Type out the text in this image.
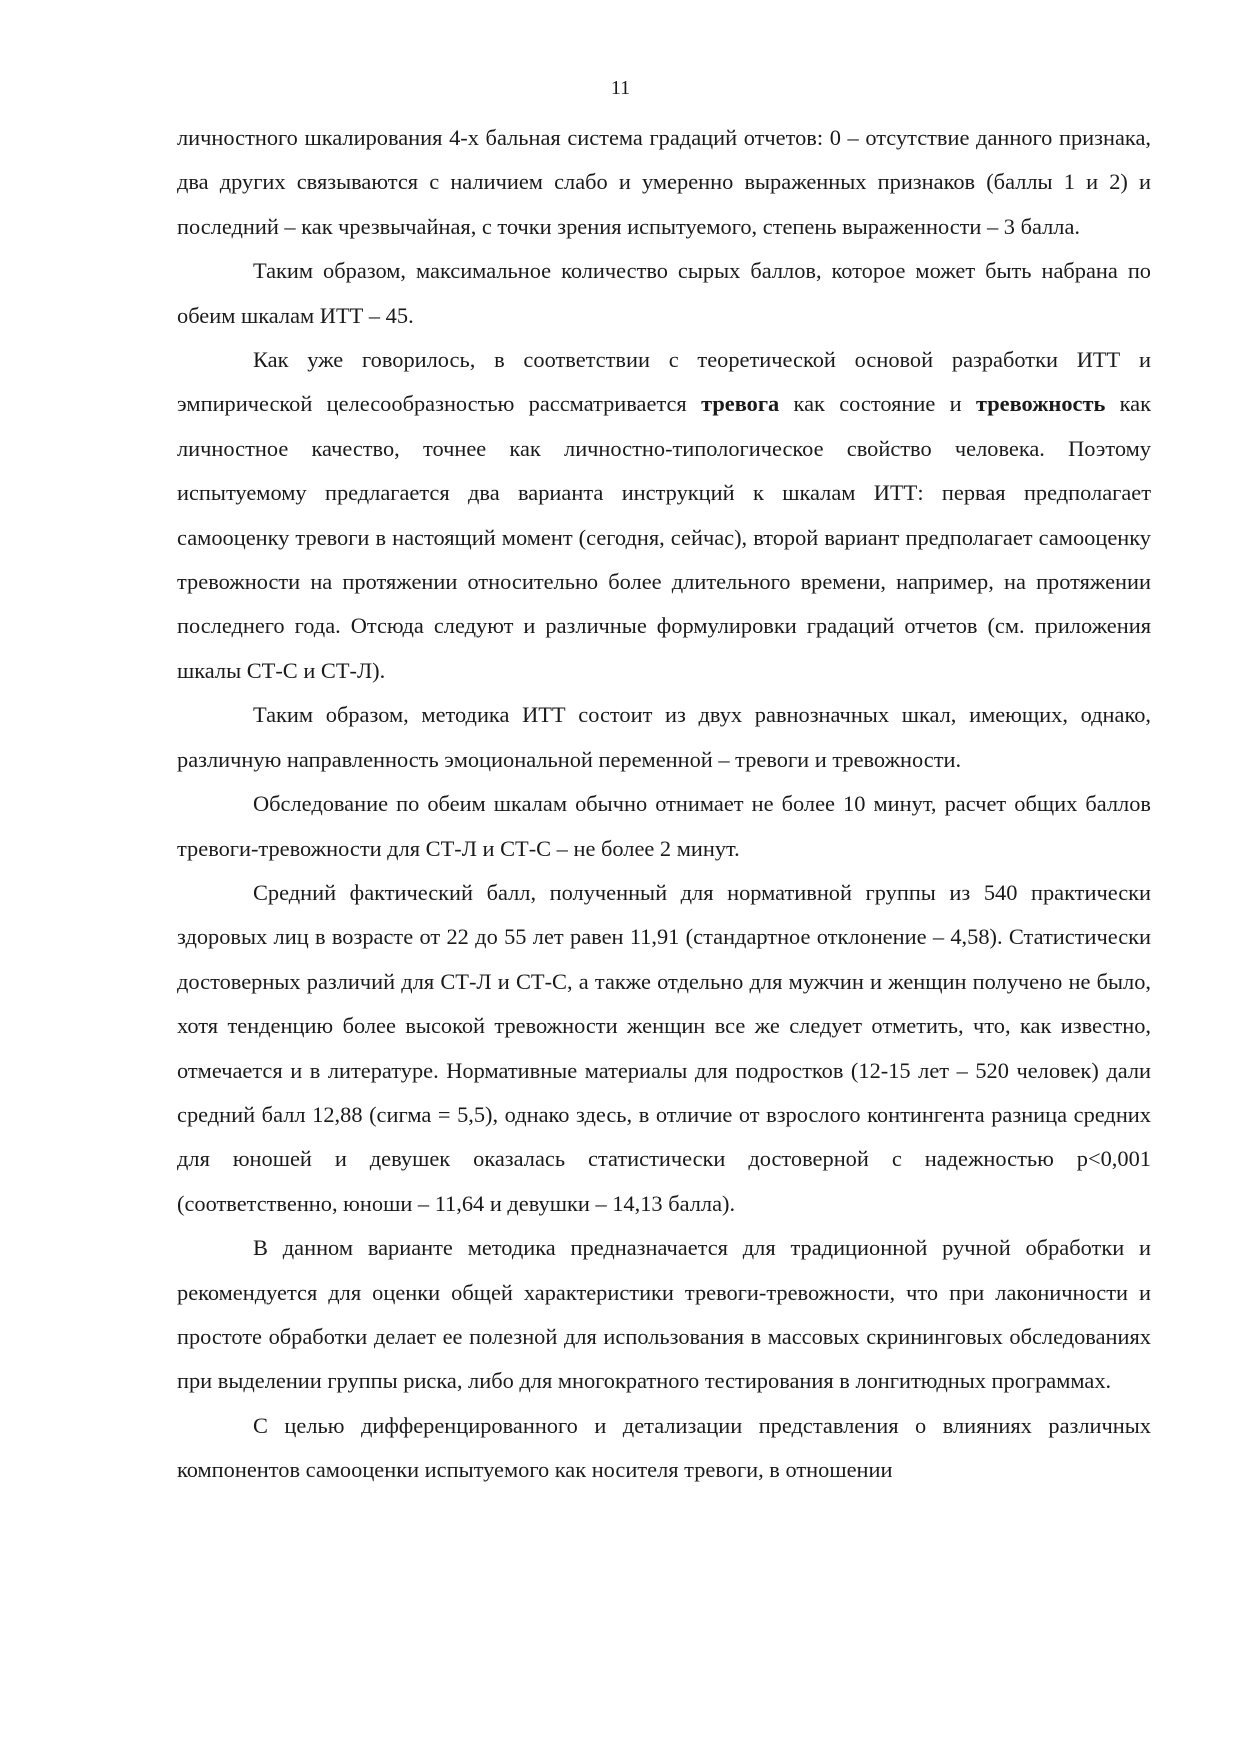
11

личностного шкалирования 4-х бальная система градаций отчетов: 0 – отсутствие данного признака, два других связываются с наличием слабо и умеренно выраженных признаков (баллы 1 и 2) и последний – как чрезвычайная, с точки зрения испытуемого, степень выраженности – 3 балла.

Таким образом, максимальное количество сырых баллов, которое может быть набрана по обеим шкалам ИТТ – 45.

Как уже говорилось, в соответствии с теоретической основой разработки ИТТ и эмпирической целесообразностью рассматривается тревога как состояние и тревожность как личностное качество, точнее как личностно-типологическое свойство человека. Поэтому испытуемому предлагается два варианта инструкций к шкалам ИТТ: первая предполагает самооценку тревоги в настоящий момент (сегодня, сейчас), второй вариант предполагает самооценку тревожности на протяжении относительно более длительного времени, например, на протяжении последнего года. Отсюда следуют и различные формулировки градаций отчетов (см. приложения шкалы СТ-С и СТ-Л).

Таким образом, методика ИТТ состоит из двух равнозначных шкал, имеющих, однако, различную направленность эмоциональной переменной – тревоги и тревожности.

Обследование по обеим шкалам обычно отнимает не более 10 минут, расчет общих баллов тревоги-тревожности для СТ-Л и СТ-С – не более 2 минут.

Средний фактический балл, полученный для нормативной группы из 540 практически здоровых лиц в возрасте от 22 до 55 лет равен 11,91 (стандартное отклонение – 4,58). Статистически достоверных различий для СТ-Л и СТ-С, а также отдельно для мужчин и женщин получено не было, хотя тенденцию более высокой тревожности женщин все же следует отметить, что, как известно, отмечается и в литературе. Нормативные материалы для подростков (12-15 лет – 520 человек) дали средний балл 12,88 (сигма = 5,5), однако здесь, в отличие от взрослого контингента разница средних для юношей и девушек оказалась статистически достоверной с надежностью р<0,001 (соответственно, юноши – 11,64 и девушки – 14,13 балла).

В данном варианте методика предназначается для традиционной ручной обработки и рекомендуется для оценки общей характеристики тревоги-тревожности, что при лаконичности и простоте обработки делает ее полезной для использования в массовых скрининговых обследованиях при выделении группы риска, либо для многократного тестирования в лонгитюдных программах.

С целью дифференцированного и детализации представления о влияниях различных компонентов самооценки испытуемого как носителя тревоги, в отношении
